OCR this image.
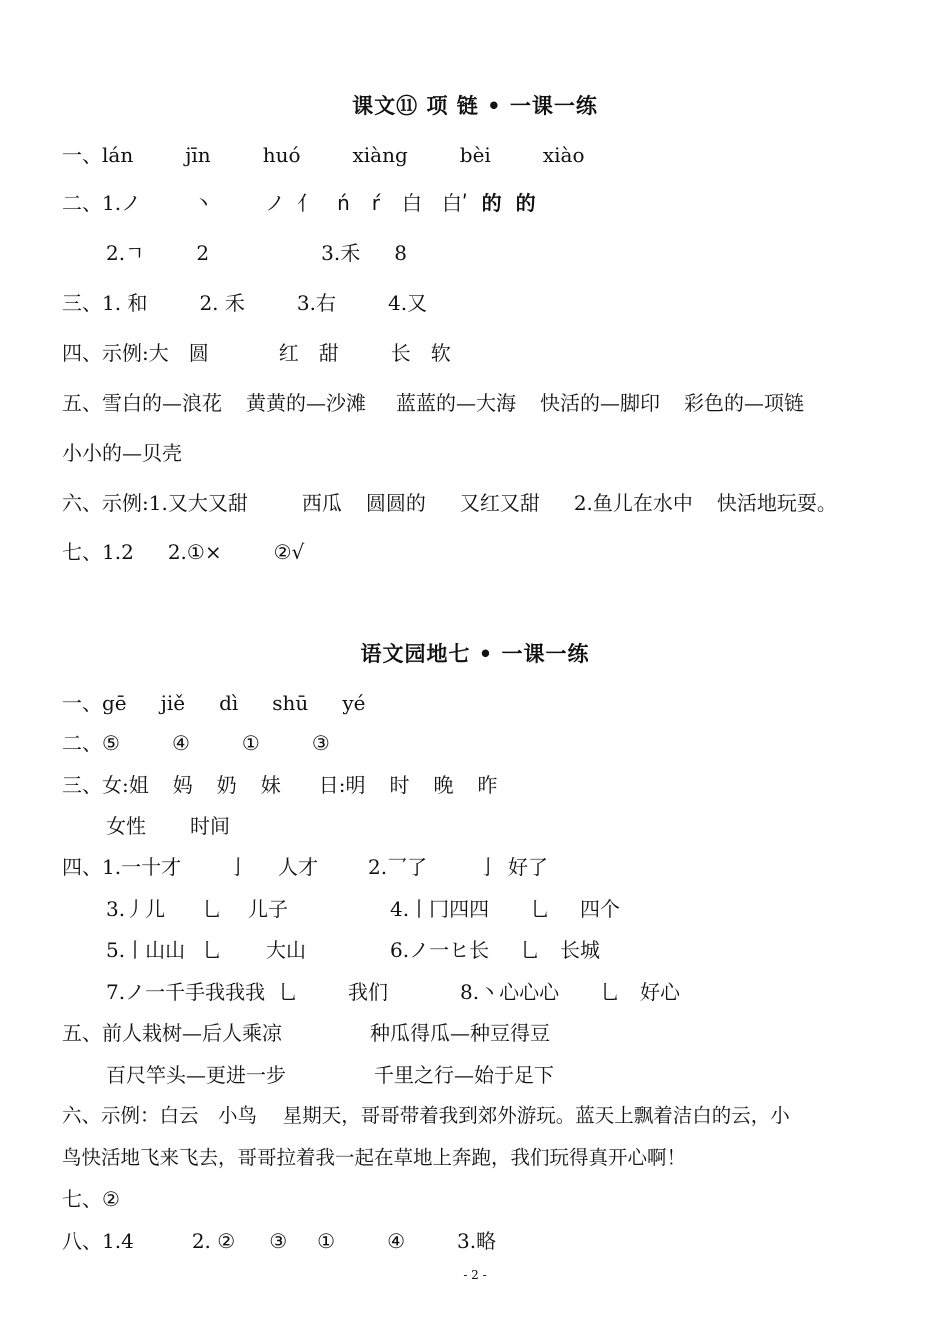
课文⑪ 项 链 • 一课一练
一、lán	jīn	huó	xiàng	bèi	xiào
二、1.ノ	丶	ノ 亻 ń ŕ 白 白ʹ 的 的
2.ㄱ	2	3.禾 8
三、1. 和	2. 禾	3.右	4.又
四、示例:大　圆	红　甜	长　软
五、雪白的—浪花 黄黄的—沙滩 蓝蓝的—大海 快活的—脚印 彩色的—项链
小小的—贝壳
六、示例:1.又大又甜	西瓜 圆圆的 又红又甜 2.鱼儿在水中 快活地玩耍。
七、1.2 2.①×	②√
语文园地七 • 一课一练
一、gē jiě dì shū yé
二、⑤	④	①	③
三、女:姐 妈 奶 妹 日:明 时 晚 昨
女性 时间
四、1.一十才 亅 人才	2.乛了	亅 好了
3.丿儿 乚 儿子	4.丨冂四四 乚 四个
5.丨山山 乚 大山	6.ノ一ヒ长 乚 长城
7.ノ一千手我我我 乚	我们	8.丶心心心 乚 好心
五、前人栽树—后人乘凉	种瓜得瓜—种豆得豆
百尺竿头—更进一步	千里之行—始于足下
六、示例：白云　小鸟　 星期天，哥哥带着我到郊外游玩。蓝天上飘着洁白的云，小
鸟快活地飞来飞去，哥哥拉着我一起在草地上奔跑，我们玩得真开心啊！
七、②
八、1.4	2. ② ③ ①	④	3.略
- 2 -
